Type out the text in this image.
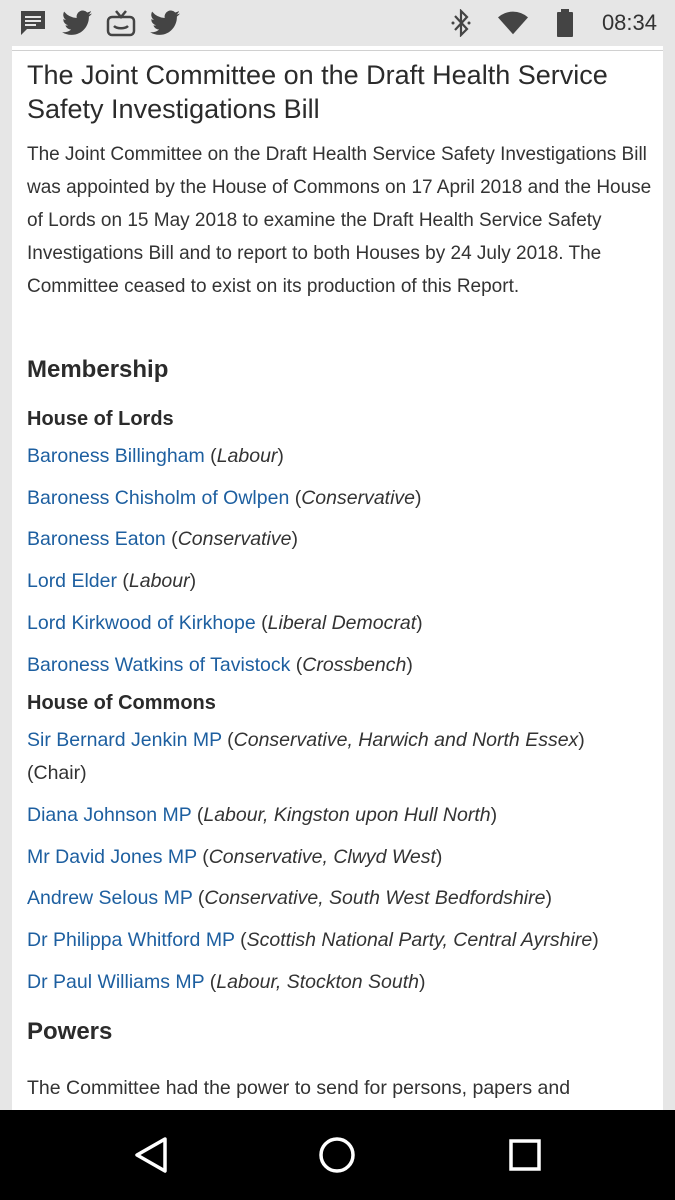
08:34
The Joint Committee on the Draft Health Service Safety Investigations Bill

The Joint Committee on the Draft Health Service Safety Investigations Bill was appointed by the House of Commons on 17 April 2018 and the House of Lords on 15 May 2018 to examine the Draft Health Service Safety Investigations Bill and to report to both Houses by 24 July 2018. The Committee ceased to exist on its production of this Report.

Membership
House of Lords
Baroness Billingham (Labour)
Baroness Chisholm of Owlpen (Conservative)
Baroness Eaton (Conservative)
Lord Elder (Labour)
Lord Kirkwood of Kirkhope (Liberal Democrat)
Baroness Watkins of Tavistock (Crossbench)
House of Commons
Sir Bernard Jenkin MP (Conservative, Harwich and North Essex)
(Chair)
Diana Johnson MP (Labour, Kingston upon Hull North)
Mr David Jones MP (Conservative, Clwyd West)
Andrew Selous MP (Conservative, South West Bedfordshire)
Dr Philippa Whitford MP (Scottish National Party, Central Ayrshire)
Dr Paul Williams MP (Labour, Stockton South)
Powers
The Committee had the power to send for persons, papers and
